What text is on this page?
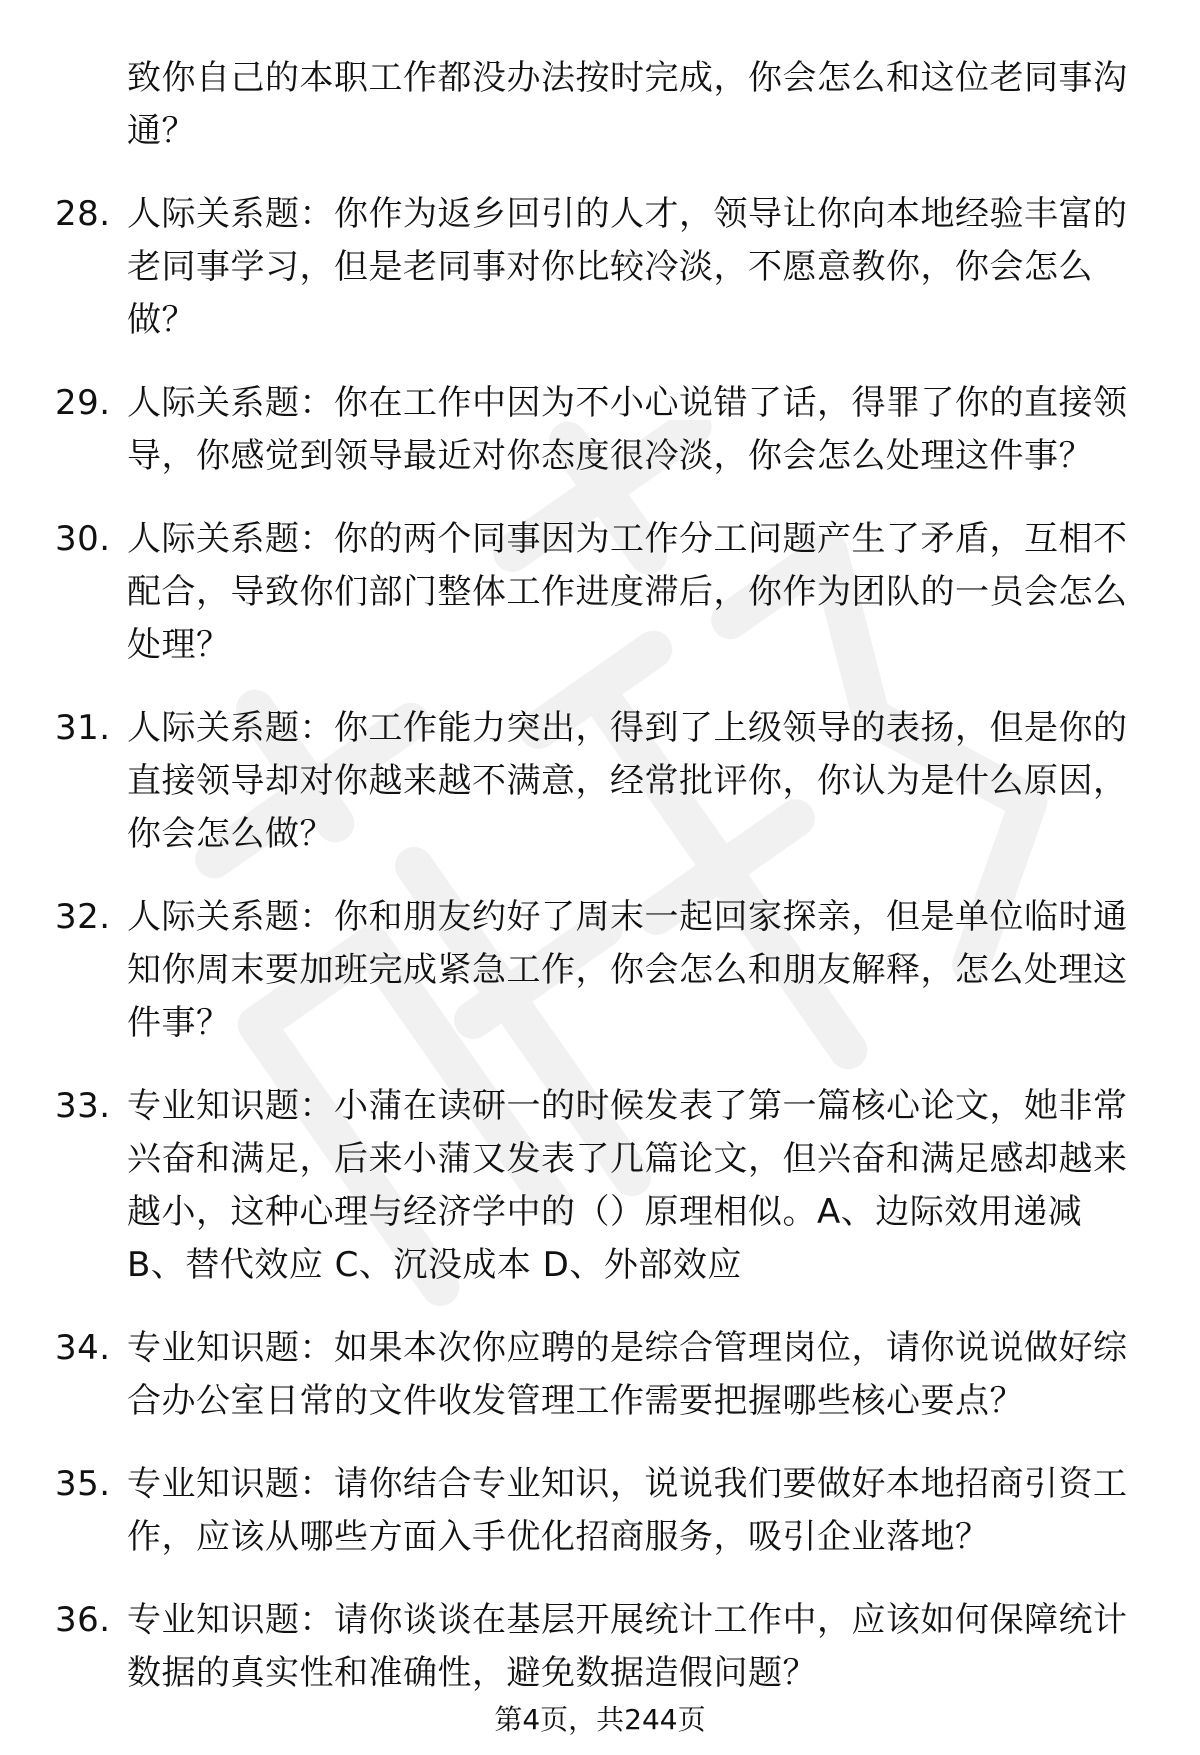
致你自己的本职工作都没办法按时完成，你会怎么和这位老同事沟通？
28. 人际关系题：你作为返乡回引的人才，领导让你向本地经验丰富的老同事学习，但是老同事对你比较冷淡，不愿意教你，你会怎么做？
29. 人际关系题：你在工作中因为不小心说错了话，得罪了你的直接领导，你感觉到领导最近对你态度很冷淡，你会怎么处理这件事？
30. 人际关系题：你的两个同事因为工作分工问题产生了矛盾，互相不配合，导致你们部门整体工作进度滞后，你作为团队的一员会怎么处理？
31. 人际关系题：你工作能力突出，得到了上级领导的表扬，但是你的直接领导却对你越来越不满意，经常批评你，你认为是什么原因，你会怎么做？
32. 人际关系题：你和朋友约好了周末一起回家探亲，但是单位临时通知你周末要加班完成紧急工作，你会怎么和朋友解释，怎么处理这件事？
33. 专业知识题：小蒲在读研一的时候发表了第一篇核心论文，她非常兴奋和满足，后来小蒲又发表了几篇论文，但兴奋和满足感却越来越小，这种心理与经济学中的（）原理相似。A、边际效用递减 B、替代效应 C、沉没成本 D、外部效应
34. 专业知识题：如果本次你应聘的是综合管理岗位，请你说说做好综合办公室日常的文件收发管理工作需要把握哪些核心要点？
35. 专业知识题：请你结合专业知识，说说我们要做好本地招商引资工作，应该从哪些方面入手优化招商服务，吸引企业落地？
36. 专业知识题：请你谈谈在基层开展统计工作中，应该如何保障统计数据的真实性和准确性，避免数据造假问题？
第4页，共244页
